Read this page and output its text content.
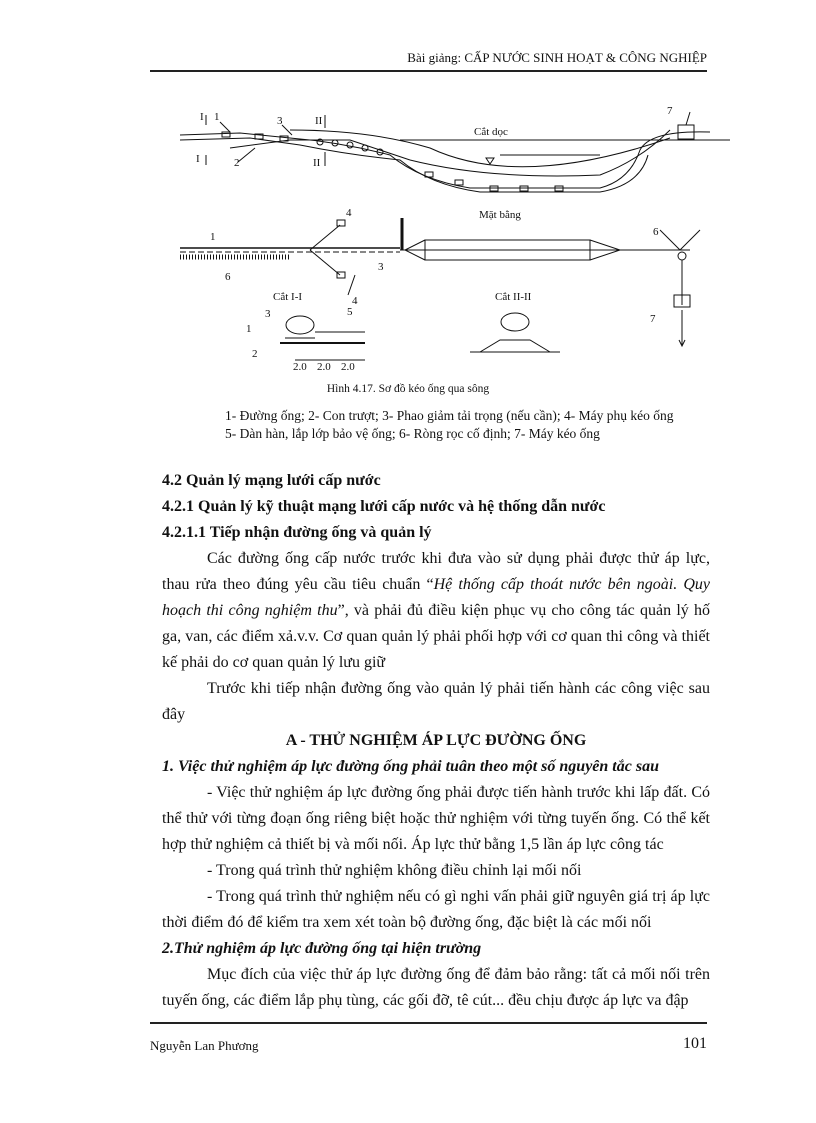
Bài giảng: CẤP NƯỚC SINH HOẠT & CÔNG NGHIỆP
I 1	3	II
I	2	II
7
Cắt dọc
Mặt bằng
4
1
6
3
4
6
7
Cắt I-I	Cắt II-II
3	5
1
2
2.0 2.0 2.0
Hình 4.17. Sơ đồ kéo ống qua sông
1- Đường ống; 2- Con trượt; 3- Phao giảm tải trọng (nếu cần); 4- Máy phụ kéo ống
5- Dàn hàn, lắp lớp bảo vệ ống; 6- Ròng rọc cố định; 7- Máy kéo ống

4.2 Quản lý mạng lưới cấp nước

4.2.1 Quản lý kỹ thuật mạng lưới cấp nước và hệ thống dẫn nước

4.2.1.1 Tiếp nhận đường ống và quản lý

Các đường ống cấp nước trước khi đưa vào sử dụng phải được thử áp lực, thau rửa theo đúng yêu cầu tiêu chuẩn “Hệ thống cấp thoát nước bên ngoài. Quy hoạch thi công nghiệm thu”, và phải đủ điều kiện phục vụ cho công tác quản lý hố ga, van, các điểm xả.v.v. Cơ quan quản lý phải phối hợp với cơ quan thi công và thiết kế phải do cơ quan quản lý lưu giữ

Trước khi tiếp nhận đường ống vào quản lý phải tiến hành các công việc sau đây

A - THỬ NGHIỆM ÁP LỰC ĐƯỜNG ỐNG

1. Việc thử nghiệm áp lực đường ống phải tuân theo một số nguyên tắc sau

- Việc thử nghiệm áp lực đường ống phải được tiến hành trước khi lấp đất. Có thể thử với từng đoạn ống riêng biệt hoặc thử nghiệm với từng tuyến ống. Có thể kết hợp thử nghiệm cả thiết bị và mối nối. Áp lực thử bằng 1,5 lần áp lực công tác

- Trong quá trình thử nghiệm không điều chỉnh lại mối nối

- Trong quá trình thử nghiệm nếu có gì nghi vấn phải giữ nguyên giá trị áp lực thời điểm đó để kiểm tra xem xét toàn bộ đường ống, đặc biệt là các mối nối

2.Thử nghiệm áp lực đường ống tại hiện trường

Mục đích của việc thử áp lực đường ống để đảm bảo rằng: tất cả mối nối trên tuyến ống, các điểm lắp phụ tùng, các gối đỡ, tê cút... đều chịu được áp lực va đập

Nguyễn Lan Phương	101
